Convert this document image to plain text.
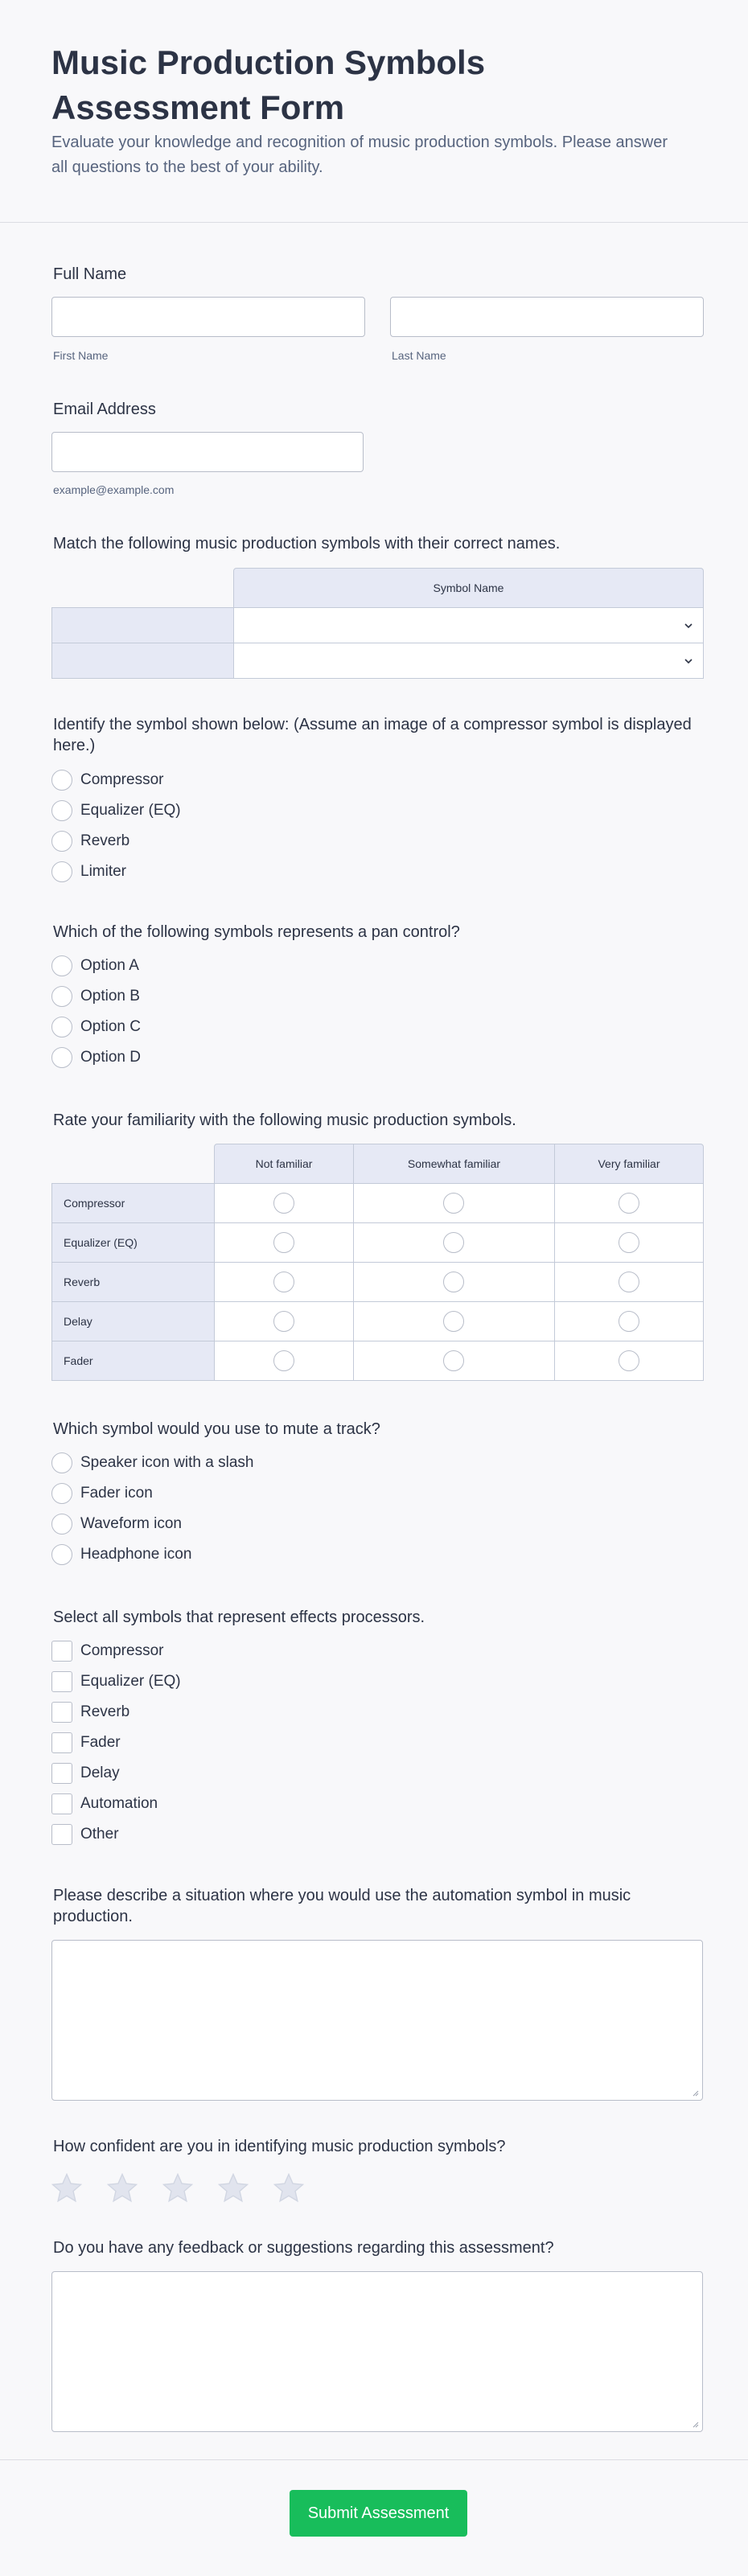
Music Production Symbols Assessment Form
Evaluate your knowledge and recognition of music production symbols. Please answer all questions to the best of your ability.
Full Name
First Name	Last Name
Email Address
example@example.com
Match the following music production symbols with their correct names.
Symbol Name
Identify the symbol shown below: (Assume an image of a compressor symbol is displayed here.)
Compressor
Equalizer (EQ)
Reverb
Limiter
Which of the following symbols represents a pan control?
Option A
Option B
Option C
Option D
Rate your familiarity with the following music production symbols.
Not familiar	Somewhat familiar	Very familiar
Compressor
Equalizer (EQ)
Reverb
Delay
Fader
Which symbol would you use to mute a track?
Speaker icon with a slash
Fader icon
Waveform icon
Headphone icon
Select all symbols that represent effects processors.
Compressor
Equalizer (EQ)
Reverb
Fader
Delay
Automation
Other
Please describe a situation where you would use the automation symbol in music production.
How confident are you in identifying music production symbols?
Do you have any feedback or suggestions regarding this assessment?
Submit Assessment
